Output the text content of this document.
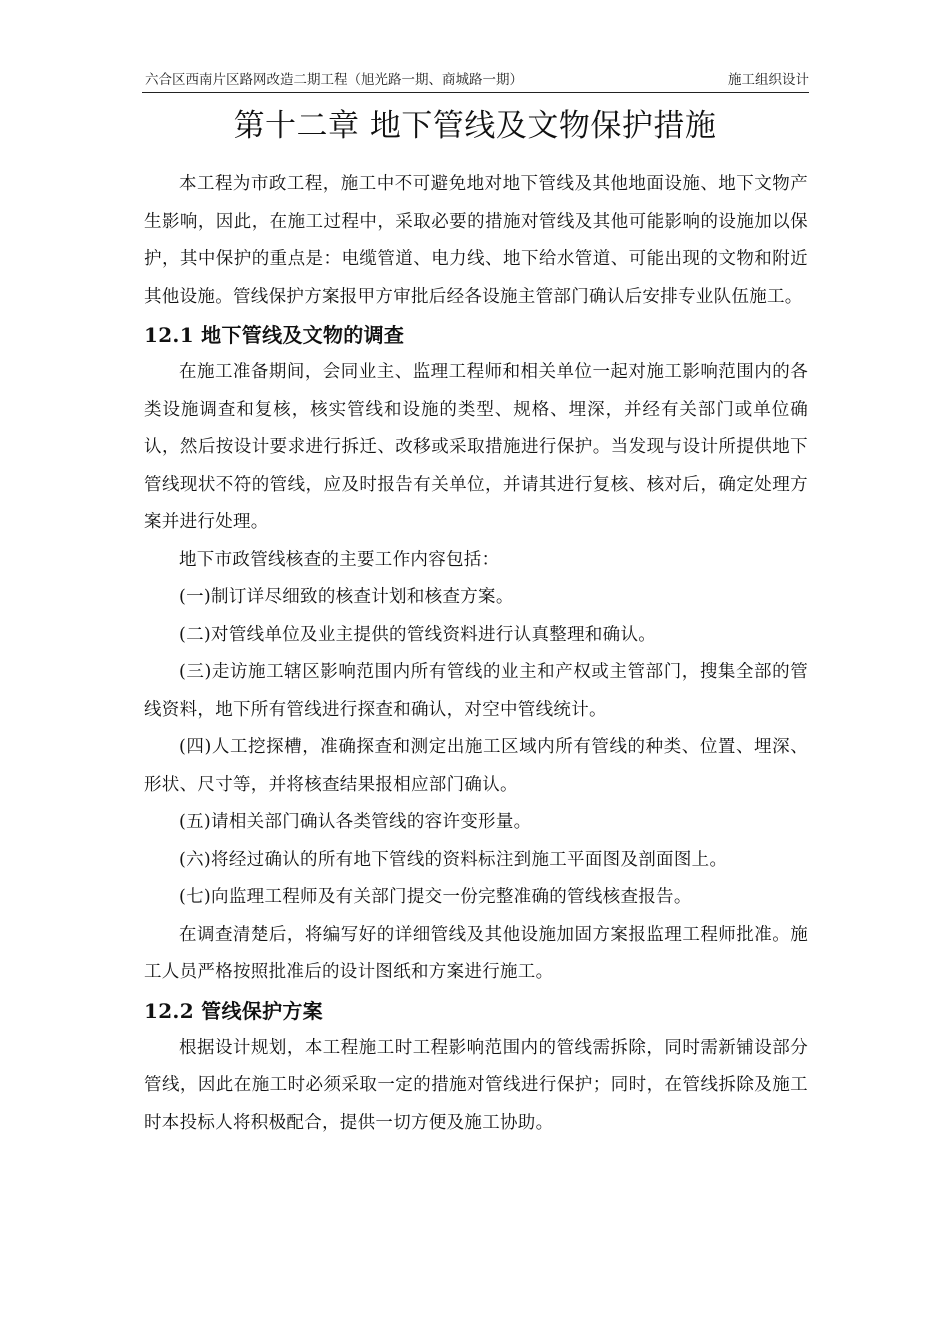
六合区西南片区路网改造二期工程（旭光路一期、商城路一期）	施工组织设计
第十二章 地下管线及文物保护措施

本工程为市政工程，施工中不可避免地对地下管线及其他地面设施、地下文物产生影响，因此，在施工过程中，采取必要的措施对管线及其他可能影响的设施加以保护，其中保护的重点是：电缆管道、电力线、地下给水管道、可能出现的文物和附近其他设施。管线保护方案报甲方审批后经各设施主管部门确认后安排专业队伍施工。

12.1 地下管线及文物的调查

在施工准备期间，会同业主、监理工程师和相关单位一起对施工影响范围内的各类设施调查和复核，核实管线和设施的类型、规格、埋深，并经有关部门或单位确认，然后按设计要求进行拆迁、改移或采取措施进行保护。当发现与设计所提供地下管线现状不符的管线，应及时报告有关单位，并请其进行复核、核对后，确定处理方案并进行处理。

地下市政管线核查的主要工作内容包括：

(一)制订详尽细致的核查计划和核查方案。

(二)对管线单位及业主提供的管线资料进行认真整理和确认。

(三)走访施工辖区影响范围内所有管线的业主和产权或主管部门，搜集全部的管线资料，地下所有管线进行探查和确认，对空中管线统计。

(四)人工挖探槽，准确探查和测定出施工区域内所有管线的种类、位置、埋深、形状、尺寸等，并将核查结果报相应部门确认。

(五)请相关部门确认各类管线的容许变形量。

(六)将经过确认的所有地下管线的资料标注到施工平面图及剖面图上。

(七)向监理工程师及有关部门提交一份完整准确的管线核查报告。

在调查清楚后，将编写好的详细管线及其他设施加固方案报监理工程师批准。施工人员严格按照批准后的设计图纸和方案进行施工。

12.2 管线保护方案

根据设计规划，本工程施工时工程影响范围内的管线需拆除，同时需新铺设部分管线，因此在施工时必须采取一定的措施对管线进行保护；同时，在管线拆除及施工时本投标人将积极配合，提供一切方便及施工协助。
